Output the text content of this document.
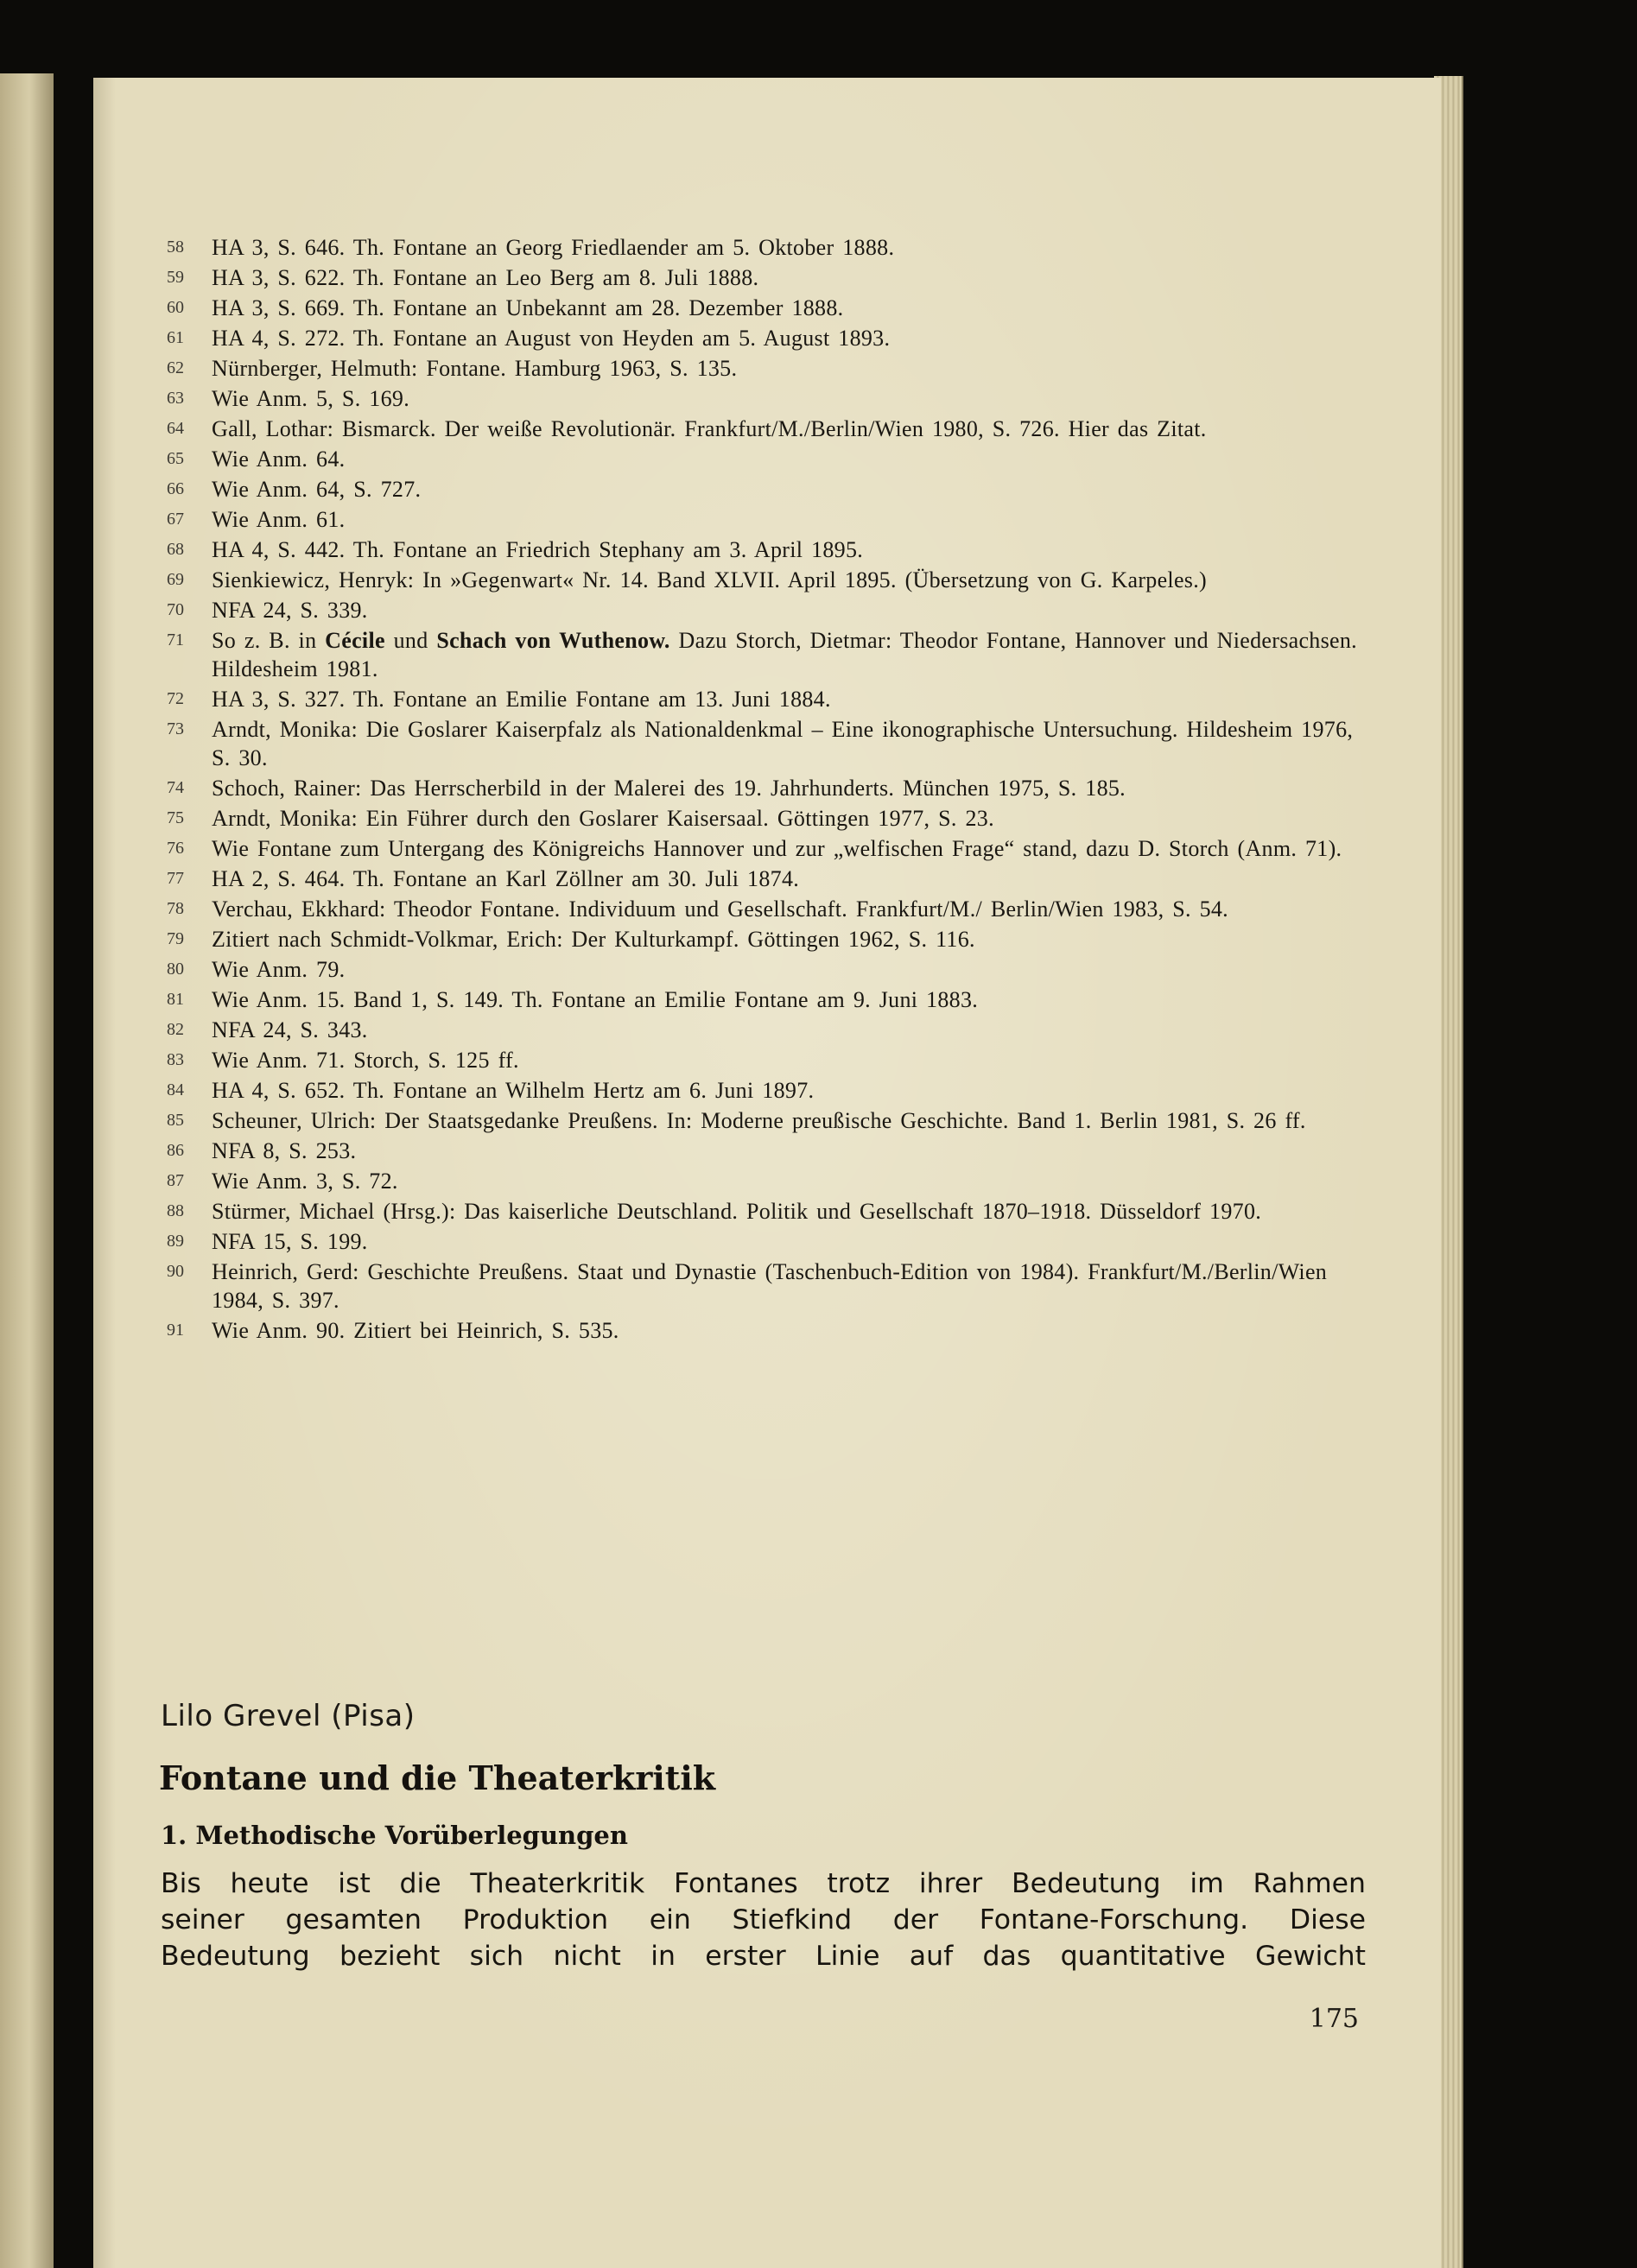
58	HA 3, S. 646. Th. Fontane an Georg Friedlaender am 5. Oktober 1888.
59	HA 3, S. 622. Th. Fontane an Leo Berg am 8. Juli 1888.
60	HA 3, S. 669. Th. Fontane an Unbekannt am 28. Dezember 1888.
61	HA 4, S. 272. Th. Fontane an August von Heyden am 5. August 1893.
62	Nürnberger, Helmuth: Fontane. Hamburg 1963, S. 135.
63	Wie Anm. 5, S. 169.
64	Gall, Lothar: Bismarck. Der weiße Revolutionär. Frankfurt/M./Berlin/Wien 1980, S. 726. Hier das Zitat.
65	Wie Anm. 64.
66	Wie Anm. 64, S. 727.
67	Wie Anm. 61.
68	HA 4, S. 442. Th. Fontane an Friedrich Stephany am 3. April 1895.
69	Sienkiewicz, Henryk: In »Gegenwart« Nr. 14. Band XLVII. April 1895. (Übersetzung von G. Karpeles.)
70	NFA 24, S. 339.
71	So z. B. in Cécile und Schach von Wuthenow. Dazu Storch, Dietmar: Theodor Fontane, Hannover und Niedersachsen. Hildesheim 1981.
72	HA 3, S. 327. Th. Fontane an Emilie Fontane am 13. Juni 1884.
73	Arndt, Monika: Die Goslarer Kaiserpfalz als Nationaldenkmal – Eine ikonographische Untersuchung. Hildesheim 1976, S. 30.
74	Schoch, Rainer: Das Herrscherbild in der Malerei des 19. Jahrhunderts. München 1975, S. 185.
75	Arndt, Monika: Ein Führer durch den Goslarer Kaisersaal. Göttingen 1977, S. 23.
76	Wie Fontane zum Untergang des Königreichs Hannover und zur „welfischen Frage“ stand, dazu D. Storch (Anm. 71).
77	HA 2, S. 464. Th. Fontane an Karl Zöllner am 30. Juli 1874.
78	Verchau, Ekkhard: Theodor Fontane. Individuum und Gesellschaft. Frankfurt/M./ Berlin/Wien 1983, S. 54.
79	Zitiert nach Schmidt-Volkmar, Erich: Der Kulturkampf. Göttingen 1962, S. 116.
80	Wie Anm. 79.
81	Wie Anm. 15. Band 1, S. 149. Th. Fontane an Emilie Fontane am 9. Juni 1883.
82	NFA 24, S. 343.
83	Wie Anm. 71. Storch, S. 125 ff.
84	HA 4, S. 652. Th. Fontane an Wilhelm Hertz am 6. Juni 1897.
85	Scheuner, Ulrich: Der Staatsgedanke Preußens. In: Moderne preußische Geschichte. Band 1. Berlin 1981, S. 26 ff.
86	NFA 8, S. 253.
87	Wie Anm. 3, S. 72.
88	Stürmer, Michael (Hrsg.): Das kaiserliche Deutschland. Politik und Gesellschaft 1870–1918. Düsseldorf 1970.
89	NFA 15, S. 199.
90	Heinrich, Gerd: Geschichte Preußens. Staat und Dynastie (Taschenbuch-Edition von 1984). Frankfurt/M./Berlin/Wien 1984, S. 397.
91	Wie Anm. 90. Zitiert bei Heinrich, S. 535.
Lilo Grevel (Pisa)
Fontane und die Theaterkritik
1. Methodische Vorüberlegungen
Bis heute ist die Theaterkritik Fontanes trotz ihrer Bedeutung im Rahmen
seiner gesamten Produktion ein Stiefkind der Fontane-Forschung. Diese
Bedeutung bezieht sich nicht in erster Linie auf das quantitative Gewicht
175
